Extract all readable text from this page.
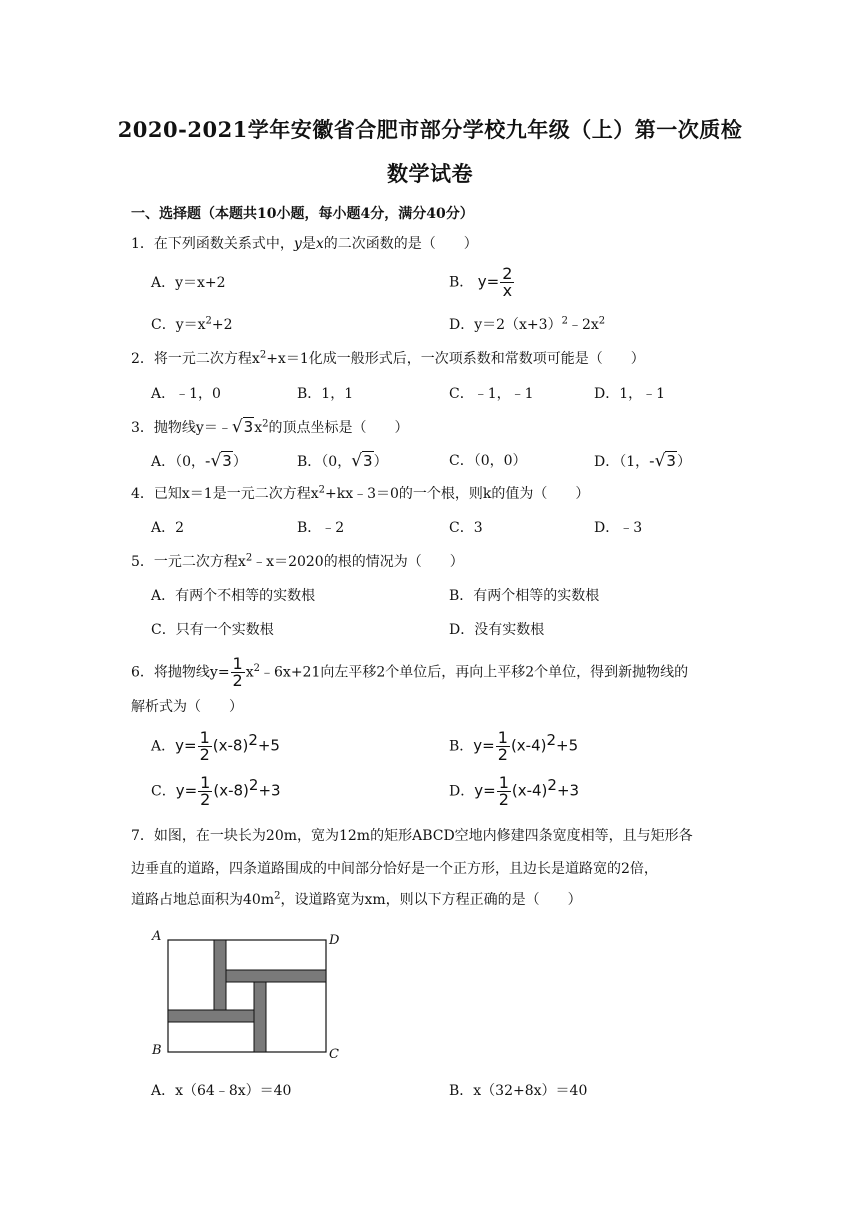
2020-2021学年安徽省合肥市部分学校九年级（上）第一次质检
数学试卷
一、选择题（本题共10小题，每小题4分，满分40分）
1．在下列函数关系式中，y是x的二次函数的是（　　）
A．y＝x+2	B． $y= \frac{2}{x}$
C．$y=x^2+2$	D．$y=2(x+3)^2﹣2x^2$
2．将一元二次方程$x^2+x=1$化成一般形式后，一次项系数和常数项可能是（　　）
A．﹣1，0	B．1，1	C．﹣1，﹣1	D．1，﹣1
3．抛物线$y=﹣√3x^2$的顶点坐标是（　　）
A．（0，-√3）	B．（0，√3）	C．（0，0）	D．（1，-√3）
4．已知x＝1是一元二次方程$x^2+kx﹣3=0$的一个根，则k的值为（　　）
A．2	B．﹣2	C．3	D．﹣3
5．一元二次方程$x^2﹣x=2020$的根的情况为（　　）
A．有两个不相等的实数根	B．有两个相等的实数根
C．只有一个实数根	D．没有实数根
6．将抛物线$y= \frac{1}{2}$ $x^2﹣6x+21$向左平移2个单位后，再向上平移2个单位，得到新抛物线的
解析式为（　　）
A．$y= \frac{1}{2} (x-8)^2+5$	B．$y= \frac{1}{2} (x-4)^2+5$
C．$y= \frac{1}{2} (x-8)^2+3$	D．$y= \frac{1}{2} (x-4)^2+3$
7．如图，在一块长为20m，宽为12m的矩形ABCD空地内修建四条宽度相等，且与矩形各
边垂直的道路，四条道路围成的中间部分恰好是一个正方形，且边长是道路宽的2倍，
道路占地总面积为$40m^2$，设道路宽为xm，则以下方程正确的是（　　）
A	D
B	C
A．x（64﹣8x）＝40	B．x（32+8x）＝40
